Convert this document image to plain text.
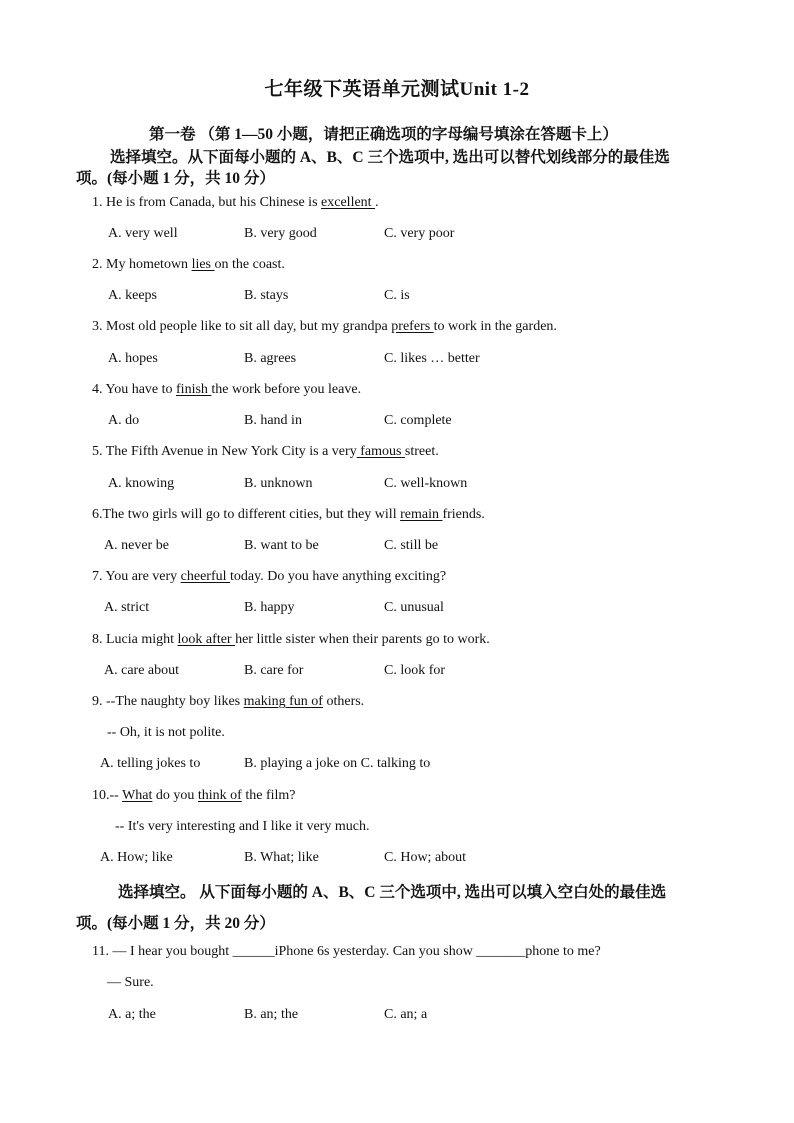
七年级下英语单元测试Unit 1-2
第一卷 （第 1—50 小题，请把正确选项的字母编号填涂在答题卡上）
选择填空。从下面每小题的 A、B、C 三个选项中, 选出可以替代划线部分的最佳选
项。(每小题 1 分，共 10 分）
1. He is from Canada, but his Chinese is excellent .
A. very well	B. very good	C. very poor
2. My hometown lies on the coast.
A. keeps	B. stays	C. is
3. Most old people like to sit all day, but my grandpa prefers to work in the garden.
A. hopes	B. agrees	C. likes … better
4. You have to finish the work before you leave.
A. do	B. hand in	C. complete
5. The Fifth Avenue in New York City is a very famous street.
A. knowing	B. unknown	C. well-known
6.The two girls will go to different cities, but they will remain friends.
A. never be	B. want to be	C. still be
7. You are very cheerful today. Do you have anything exciting?
A. strict	B. happy	C. unusual
8. Lucia might look after her little sister when their parents go to work.
A. care about	B. care for	C. look for
9. --The naughty boy likes making fun of others.
-- Oh, it is not polite.
A. telling jokes to	B. playing a joke on C. talking to
10.-- What do you think of the film?
-- It's very interesting and I like it very much.
A. How; like	B. What; like	C. How; about
选择填空。 从下面每小题的 A、B、C 三个选项中, 选出可以填入空白处的最佳选
项。(每小题 1 分，共 20 分）
11. — I hear you bought ______iPhone 6s yesterday. Can you show _______phone to me?
— Sure.
A. a; the	B. an; the	C. an; a
